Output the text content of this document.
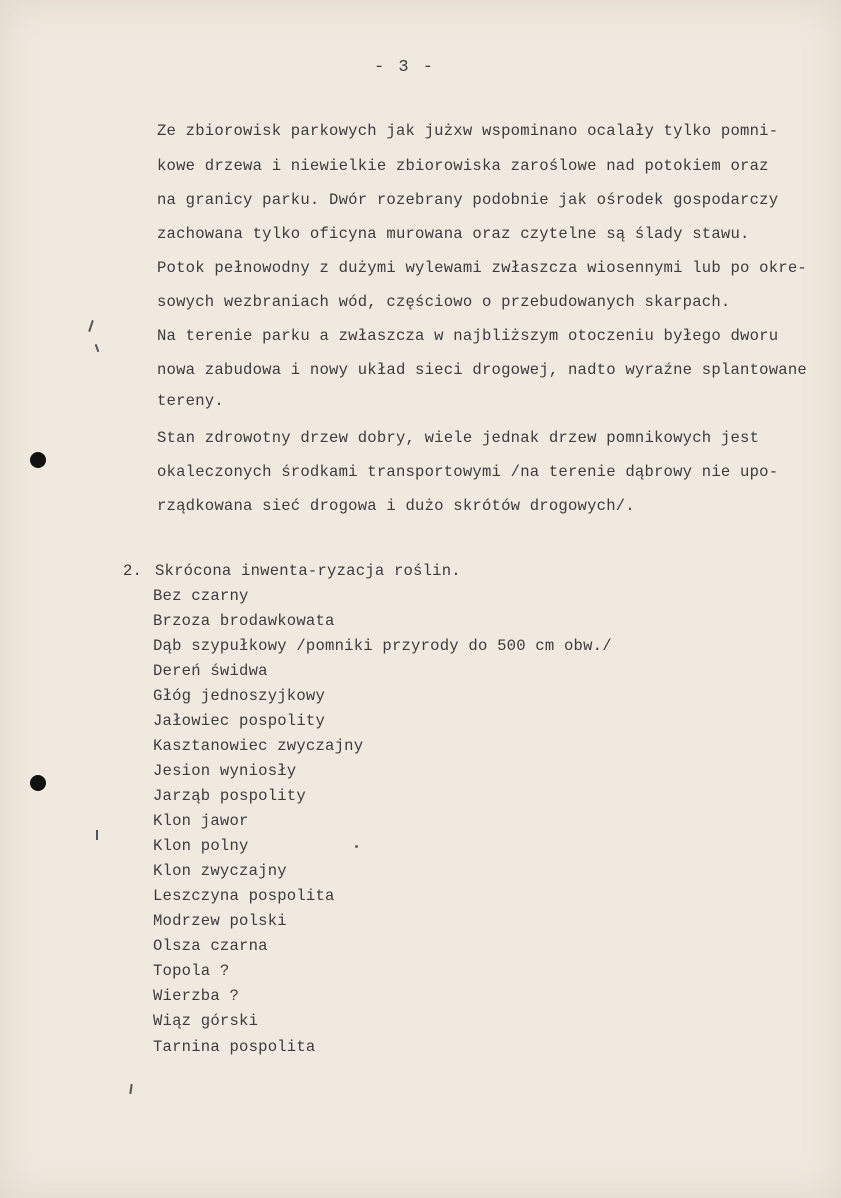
- 3 -
Ze zbiorowisk parkowych jak jużxw wspominano ocalały tylko pomni-
kowe drzewa i niewielkie zbiorowiska zaroślowe nad potokiem oraz
na granicy parku. Dwór rozebrany podobnie jak ośrodek gospodarczy
zachowana tylko oficyna murowana oraz czytelne są ślady stawu.
Potok pełnowodny z dużymi wylewami zwłaszcza wiosennymi lub po okre-
sowych wezbraniach wód, częściowo o przebudowanych skarpach.
Na terenie parku a zwłaszcza w najbliższym otoczeniu byłego dworu
nowa zabudowa i nowy układ sieci drogowej, nadto wyraźne splantowane
tereny.
Stan zdrowotny drzew dobry, wiele jednak drzew pomnikowych jest
okaleczonych środkami transportowymi /na terenie dąbrowy nie upo-
rządkowana sieć drogowa i dużo skrótów drogowych/.
2. Skrócona inwenta-ryzacja roślin.
Bez czarny
Brzoza brodawkowata
Dąb szypułkowy /pomniki przyrody do 500 cm obw./
Dereń świdwa
Głóg jednoszyjkowy
Jałowiec pospolity
Kasztanowiec zwyczajny
Jesion wyniosły
Jarząb pospolity
Klon jawor
Klon polny
Klon zwyczajny
Leszczyna pospolita
Modrzew polski
Olsza czarna
Topola ?
Wierzba ?
Wiąz górski
Tarnina pospolita
